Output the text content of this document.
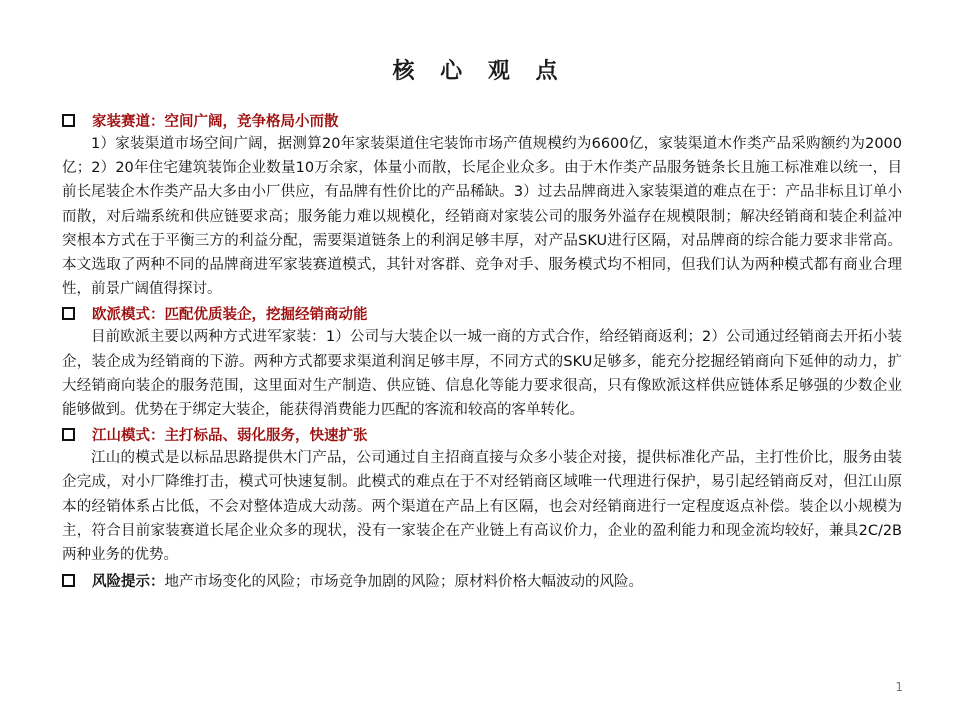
核 心 观 点
家装赛道：空间广阔，竞争格局小而散

1）家装渠道市场空间广阔，据测算20年家装渠道住宅装饰市场产值规模约为6600亿，家装渠道木作类产品采购额约为2000亿；2）20年住宅建筑装饰企业数量10万余家，体量小而散，长尾企业众多。由于木作类产品服务链条长且施工标准难以统一，目前长尾装企木作类产品大多由小厂供应，有品牌有性价比的产品稀缺。3）过去品牌商进入家装渠道的难点在于：产品非标且订单小而散，对后端系统和供应链要求高；服务能力难以规模化，经销商对家装公司的服务外溢存在规模限制；解决经销商和装企利益冲突根本方式在于平衡三方的利益分配，需要渠道链条上的利润足够丰厚，对产品SKU进行区隔，对品牌商的综合能力要求非常高。本文选取了两种不同的品牌商进军家装赛道模式，其针对客群、竞争对手、服务模式均不相同，但我们认为两种模式都有商业合理性，前景广阔值得探讨。

欧派模式：匹配优质装企，挖掘经销商动能

目前欧派主要以两种方式进军家装：1）公司与大装企以一城一商的方式合作，给经销商返利；2）公司通过经销商去开拓小装企，装企成为经销商的下游。两种方式都要求渠道利润足够丰厚，不同方式的SKU足够多，能充分挖掘经销商向下延伸的动力，扩大经销商向装企的服务范围，这里面对生产制造、供应链、信息化等能力要求很高，只有像欧派这样供应链体系足够强的少数企业能够做到。优势在于绑定大装企，能获得消费能力匹配的客流和较高的客单转化。

江山模式：主打标品、弱化服务，快速扩张

江山的模式是以标品思路提供木门产品，公司通过自主招商直接与众多小装企对接，提供标准化产品，主打性价比，服务由装企完成，对小厂降维打击，模式可快速复制。此模式的难点在于不对经销商区域唯一代理进行保护，易引起经销商反对，但江山原本的经销体系占比低，不会对整体造成大动荡。两个渠道在产品上有区隔，也会对经销商进行一定程度返点补偿。装企以小规模为主，符合目前家装赛道长尾企业众多的现状，没有一家装企在产业链上有高议价力，企业的盈利能力和现金流均较好，兼具2C/2B两种业务的优势。

风险提示： 地产市场变化的风险；市场竞争加剧的风险；原材料价格大幅波动的风险。
1
